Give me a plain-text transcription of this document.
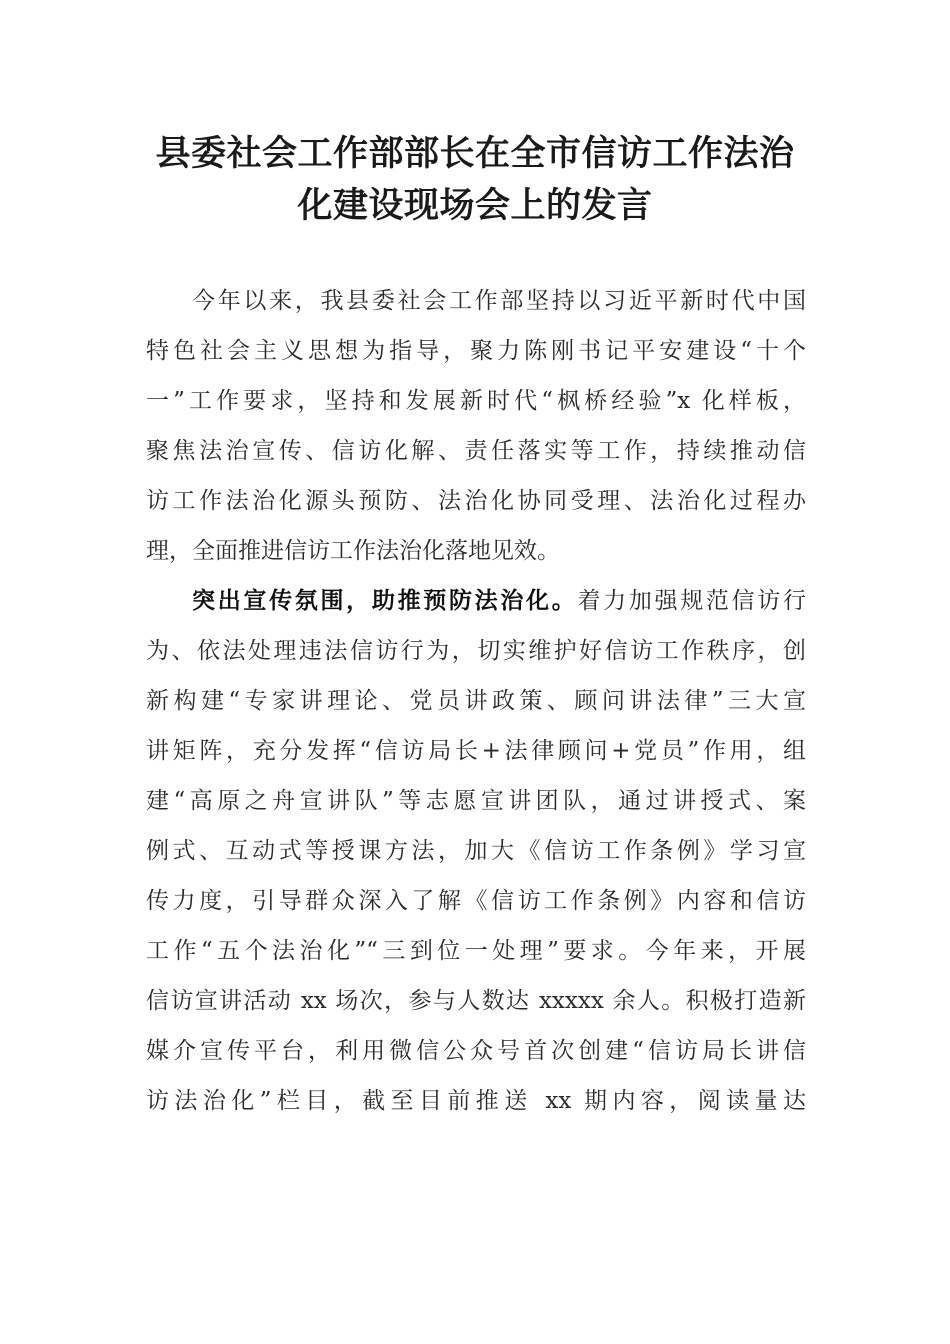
县委社会工作部部长在全市信访工作法治
化建设现场会上的发言
今年以来，我县委社会工作部坚持以习近平新时代中国
特色社会主义思想为指导，聚力陈刚书记平安建设“十个
一”工作要求，坚持和发展新时代“枫桥经验”x 化样板，
聚焦法治宣传、信访化解、责任落实等工作，持续推动信
访工作法治化源头预防、法治化协同受理、法治化过程办
理，全面推进信访工作法治化落地见效。
突出宣传氛围，助推预防法治化。着力加强规范信访行
为、依法处理违法信访行为，切实维护好信访工作秩序，创
新构建“专家讲理论、党员讲政策、顾问讲法律”三大宣
讲矩阵，充分发挥“信访局长+法律顾问+党员”作用，组
建“高原之舟宣讲队”等志愿宣讲团队，通过讲授式、案
例式、互动式等授课方法，加大《信访工作条例》学习宣
传力度，引导群众深入了解《信访工作条例》内容和信访
工作“五个法治化”“三到位一处理”要求。今年来，开展
信访宣讲活动 xx 场次，参与人数达 xxxxx 余人。积极打造新
媒介宣传平台，利用微信公众号首次创建“信访局长讲信
访法治化”栏目，截至目前推送 xx 期内容，阅读量达
